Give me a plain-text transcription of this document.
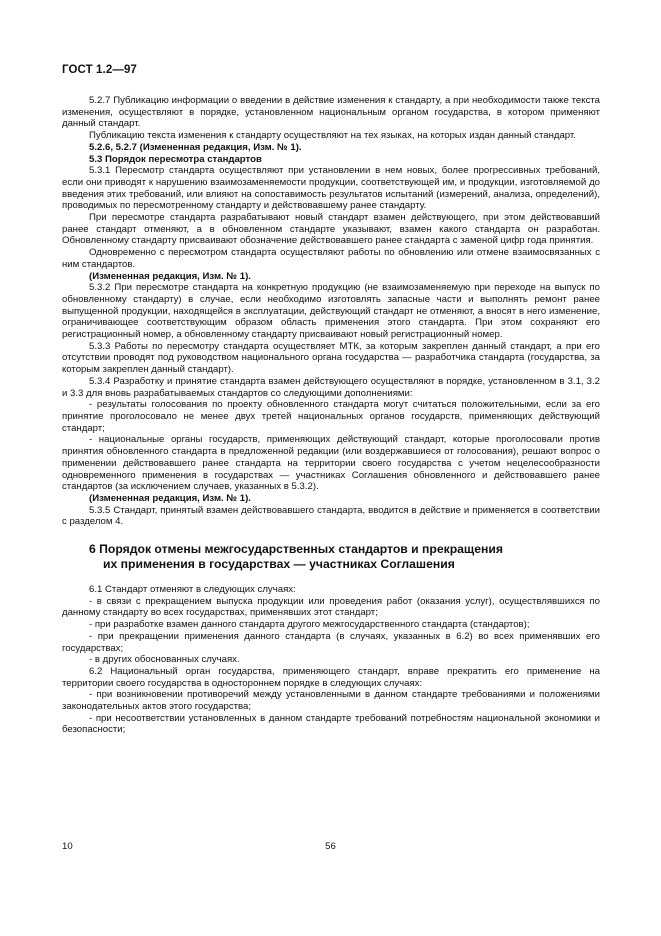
ГОСТ 1.2—97

5.2.7 Публикацию информации о введении в действие изменения к стандарту, а при необходимости также текста изменения, осуществляют в порядке, установленном национальным органом государства, в котором применяют данный стандарт.

Публикацию текста изменения к стандарту осуществляют на тех языках, на которых издан данный стандарт.

5.2.6, 5.2.7 (Измененная редакция, Изм. № 1).

5.3 Порядок пересмотра стандартов

5.3.1 Пересмотр стандарта осуществляют при установлении в нем новых, более прогрессивных требований, если они приводят к нарушению взаимозаменяемости продукции, соответствующей им, и продукции, изготовляемой до введения этих требований, или влияют на сопоставимость результатов испытаний (измерений, анализа, определений), проводимых по пересмотренному стандарту и действовавшему ранее стандарту.

При пересмотре стандарта разрабатывают новый стандарт взамен действующего, при этом действовавший ранее стандарт отменяют, а в обновленном стандарте указывают, взамен какого стандарта он разработан. Обновленному стандарту присваивают обозначение действовавшего ранее стандарта с заменой цифр года принятия.

Одновременно с пересмотром стандарта осуществляют работы по обновлению или отмене взаимосвязанных с ним стандартов.

(Измененная редакция, Изм. № 1).

5.3.2 При пересмотре стандарта на конкретную продукцию (не взаимозаменяемую при переходе на выпуск по обновленному стандарту) в случае, если необходимо изготовлять запасные части и выполнять ремонт ранее выпущенной продукции, находящейся в эксплуатации, действующий стандарт не отменяют, а вносят в него изменение, ограничивающее соответствующим образом область применения этого стандарта. При этом сохраняют его регистрационный номер, а обновленному стандарту присваивают новый регистрационный номер.

5.3.3 Работы по пересмотру стандарта осуществляет МТК, за которым закреплен данный стандарт, а при его отсутствии проводят под руководством национального органа государства — разработчика стандарта (государства, за которым закреплен данный стандарт).

5.3.4 Разработку и принятие стандарта взамен действующего осуществляют в порядке, установленном в 3.1, 3.2 и 3.3 для вновь разрабатываемых стандартов со следующими дополнениями:

- результаты голосования по проекту обновленного стандарта могут считаться положительными, если за его принятие проголосовало не менее двух третей национальных органов государств, применяющих действующий стандарт;

- национальные органы государств, применяющих действующий стандарт, которые проголосовали против принятия обновленного стандарта в предложенной редакции (или воздержавшиеся от голосования), решают вопрос о применении действовавшего ранее стандарта на территории своего государства с учетом нецелесообразности одновременного применения в государствах — участниках Соглашения обновленного и действовавшего ранее стандартов (за исключением случаев, указанных в 5.3.2).

(Измененная редакция, Изм. № 1).

5.3.5 Стандарт, принятый взамен действовавшего стандарта, вводится в действие и применяется в соответствии с разделом 4.

6 Порядок отмены межгосударственных стандартов и прекращения
их применения в государствах — участниках Соглашения

6.1 Стандарт отменяют в следующих случаях:

- в связи с прекращением выпуска продукции или проведения работ (оказания услуг), осуществлявшихся по данному стандарту во всех государствах, применявших этот стандарт;

- при разработке взамен данного стандарта другого межгосударственного стандарта (стандартов);

- при прекращении применения данного стандарта (в случаях, указанных в 6.2) во всех применявших его государствах;

- в других обоснованных случаях.

6.2 Национальный орган государства, применяющего стандарт, вправе прекратить его применение на территории своего государства в одностороннем порядке в следующих случаях:

- при возникновении противоречий между установленными в данном стандарте требованиями и положениями законодательных актов этого государства;

- при несоответствии установленных в данном стандарте требований потребностям национальной экономики и безопасности;

10	56
